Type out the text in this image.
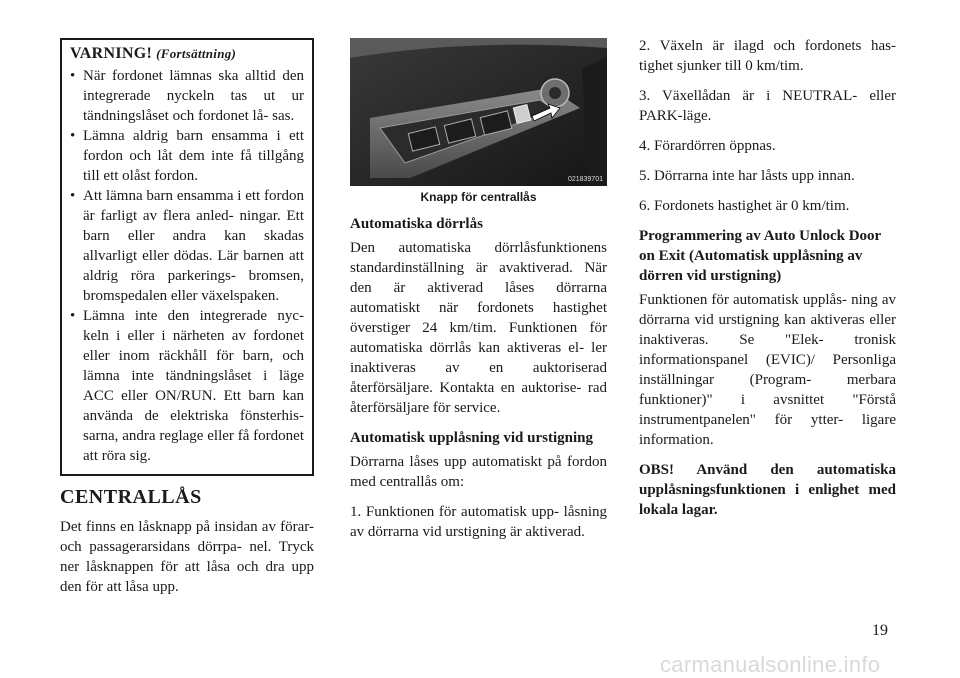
VARNING! (Fortsättning)
• När fordonet lämnas ska alltid den integrerade nyckeln tas ut ur tändningslåset och fordonet lå- sas.
• Lämna aldrig barn ensamma i ett fordon och låt dem inte få tillgång till ett olåst fordon.
• Att lämna barn ensamma i ett fordon är farligt av flera anled- ningar. Ett barn eller andra kan skadas allvarligt eller dödas. Lär barnen att aldrig röra parkerings- bromsen, bromspedalen eller växelspaken.
• Lämna inte den integrerade nyc- keln i eller i närheten av fordonet eller inom räckhåll för barn, och lämna inte tändningslåset i läge ACC eller ON/RUN. Ett barn kan använda de elektriska fönsterhis- sarna, andra reglage eller få fordonet att röra sig.
CENTRALLÅS

Det finns en låsknapp på insidan av förar- och passagerarsidans dörrpa- nel. Tryck ner låsknappen för att låsa och dra upp den för att låsa upp.

021839701
Knapp för centrallås
Automatiska dörrlås

Den automatiska dörrlåsfunktionens standardinställning är avaktiverad. När den är aktiverad låses dörrarna automatiskt när fordonets hastighet överstiger 24 km/tim. Funktionen för automatiska dörrlås kan aktiveras el- ler inaktiveras av en auktoriserad återförsäljare. Kontakta en auktorise- rad återförsäljare för service.

Automatisk upplåsning vid urstigning

Dörrarna låses upp automatiskt på fordon med centrallås om:

1. Funktionen för automatisk upp- låsning av dörrarna vid urstigning är aktiverad.

2. Växeln är ilagd och fordonets has- tighet sjunker till 0 km/tim.

3. Växellådan är i NEUTRAL- eller PARK-läge.

4. Förardörren öppnas.

5. Dörrarna inte har låsts upp innan.

6. Fordonets hastighet är 0 km/tim.

Programmering av Auto Unlock Door on Exit (Automatisk upplåsning av dörren vid urstigning)

Funktionen för automatisk upplås- ning av dörrarna vid urstigning kan aktiveras eller inaktiveras. Se "Elek- tronisk informationspanel (EVIC)/ Personliga inställningar (Program- merbara funktioner)" i avsnittet "Förstå instrumentpanelen" för ytter- ligare information.

OBS! Använd den automatiska upplåsningsfunktionen i enlighet med lokala lagar.

19
carmanualsonline.info
